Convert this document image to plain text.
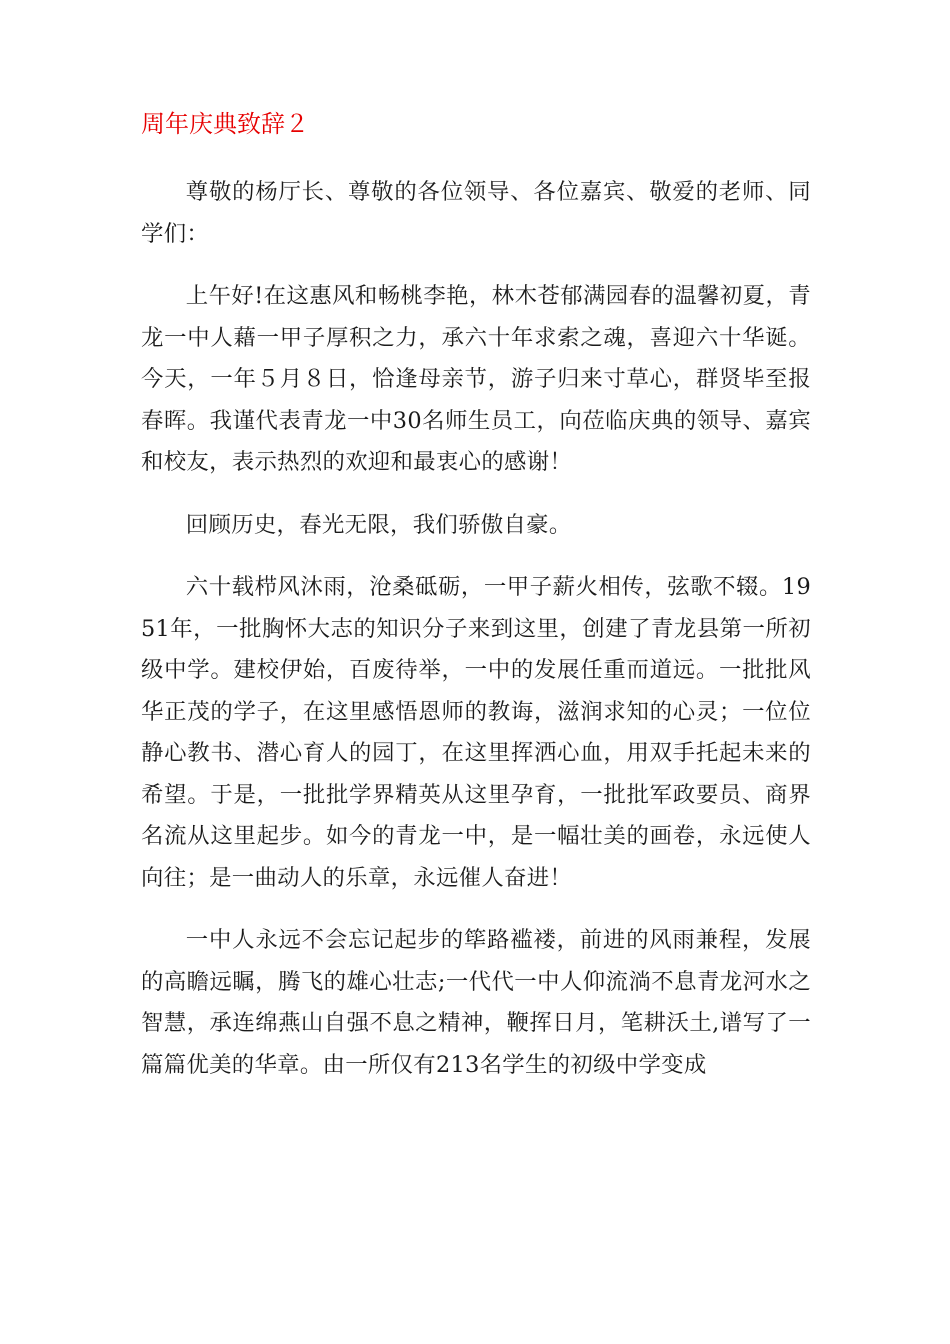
周年庆典致辞２

尊敬的杨厅长、尊敬的各位领导、各位嘉宾、敬爱的老师、同学们：

上午好!在这惠风和畅桃李艳，林木苍郁满园春的温馨初夏，青龙一中人藉一甲子厚积之力，承六十年求索之魂，喜迎六十华诞。今天，一年５月８日，恰逢母亲节，游子归来寸草心，群贤毕至报春晖。我谨代表青龙一中30名师生员工，向莅临庆典的领导、嘉宾和校友，表示热烈的欢迎和最衷心的感谢！

回顾历史，春光无限，我们骄傲自豪。

六十载栉风沐雨，沧桑砥砺，一甲子薪火相传，弦歌不辍。1951年，一批胸怀大志的知识分子来到这里，创建了青龙县第一所初级中学。建校伊始，百废待举，一中的发展任重而道远。一批批风华正茂的学子，在这里感悟恩师的教诲，滋润求知的心灵；一位位静心教书、潜心育人的园丁，在这里挥洒心血，用双手托起未来的希望。于是，一批批学界精英从这里孕育，一批批军政要员、商界名流从这里起步。如今的青龙一中，是一幅壮美的画卷，永远使人向往；是一曲动人的乐章，永远催人奋进！

一中人永远不会忘记起步的筚路褴褛，前进的风雨兼程，发展的高瞻远瞩，腾飞的雄心壮志;一代代一中人仰流淌不息青龙河水之智慧，承连绵燕山自强不息之精神，鞭挥日月，笔耕沃土,谱写了一篇篇优美的华章。由一所仅有213名学生的初级中学变成
